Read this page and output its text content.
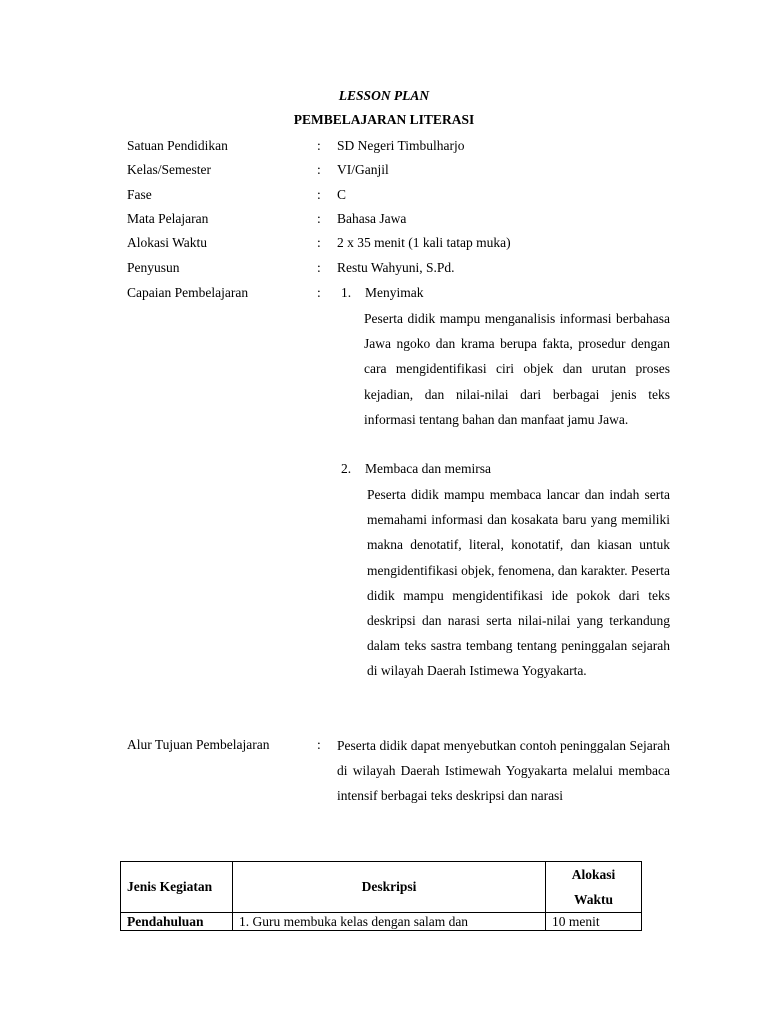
LESSON PLAN
PEMBELAJARAN LITERASI
Satuan Pendidikan	: SD Negeri Timbulharjo
Kelas/Semester	: VI/Ganjil
Fase	: C
Mata Pelajaran	: Bahasa Jawa
Alokasi Waktu	: 2 x 35 menit (1 kali tatap muka)
Penyusun	: Restu Wahyuni, S.Pd.
Capaian Pembelajaran	: 1. Menyimak
Peserta didik mampu menganalisis informasi berbahasa Jawa ngoko dan krama berupa fakta, prosedur dengan cara mengidentifikasi ciri objek dan urutan proses kejadian, dan nilai-nilai dari berbagai jenis teks informasi tentang bahan dan manfaat jamu Jawa.
2. Membaca dan memirsa
Peserta didik mampu membaca lancar dan indah serta memahami informasi dan kosakata baru yang memiliki makna denotatif, literal, konotatif, dan kiasan untuk mengidentifikasi objek, fenomena, dan karakter. Peserta didik mampu mengidentifikasi ide pokok dari teks deskripsi dan narasi serta nilai-nilai yang terkandung dalam teks sastra tembang tentang peninggalan sejarah di wilayah Daerah Istimewa Yogyakarta.
Alur Tujuan Pembelajaran	: Peserta didik dapat menyebutkan contoh peninggalan Sejarah di wilayah Daerah Istimewah Yogyakarta melalui membaca intensif berbagai teks deskripsi dan narasi
Jenis Kegiatan	Deskripsi	Alokasi
Waktu

Pendahuluan	1. Guru membuka kelas dengan salam dan	10 menit
